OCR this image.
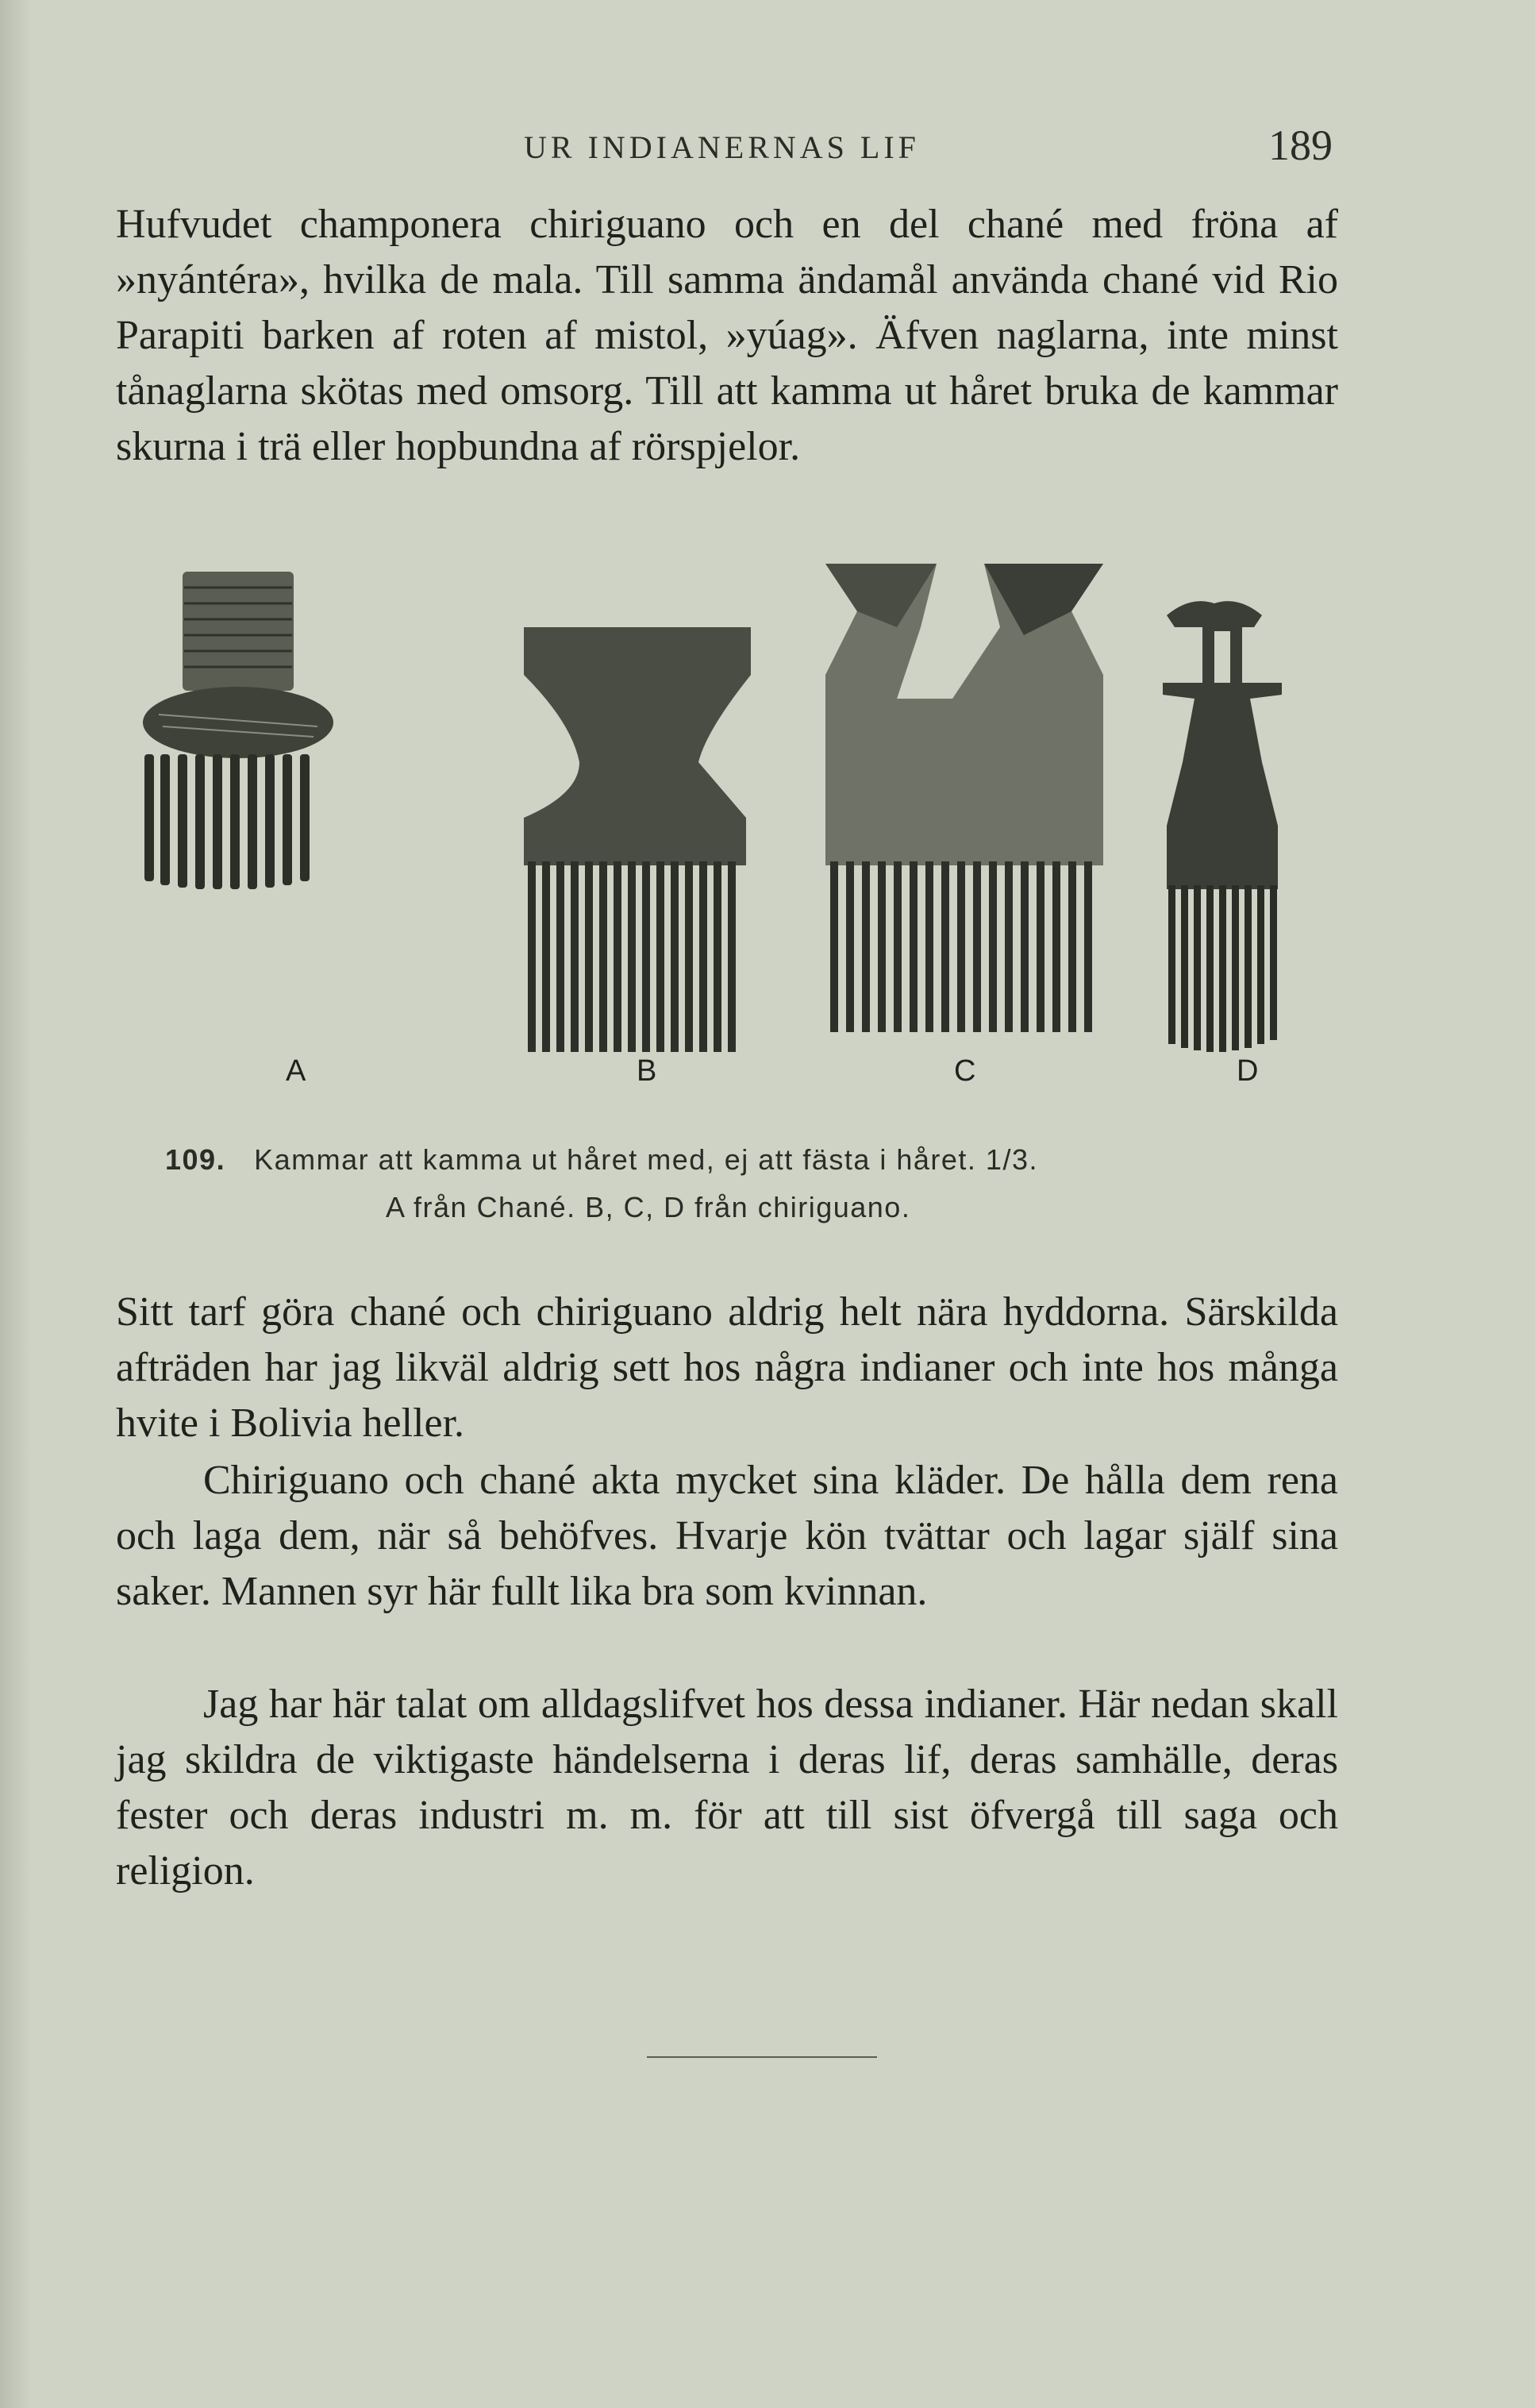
UR INDIANERNAS LIF	189

Hufvudet champonera chiriguano och en del chané med fröna af »nyántéra», hvilka de mala. Till samma ändamål använda chané vid Rio Parapiti barken af roten af mistol, »yúag». Äfven naglarna, inte minst tånaglarna skötas med omsorg. Till att kamma ut håret bruka de kammar skurna i trä eller hopbundna af rörspjelor.

A	B	C	D
109. Kammar att kamma ut håret med, ej att fästa i håret. 1/3.
A från Chané. B, C, D från chiriguano.

Sitt tarf göra chané och chiriguano aldrig helt nära hyddorna. Särskilda afträden har jag likväl aldrig sett hos några indianer och inte hos många hvite i Bolivia heller.

Chiriguano och chané akta mycket sina kläder. De hålla dem rena och laga dem, när så behöfves. Hvarje kön tvättar och lagar själf sina saker. Mannen syr här fullt lika bra som kvinnan.

Jag har här talat om alldagslifvet hos dessa indianer. Här nedan skall jag skildra de viktigaste händelserna i deras lif, deras samhälle, deras fester och deras industri m. m. för att till sist öfvergå till saga och religion.
